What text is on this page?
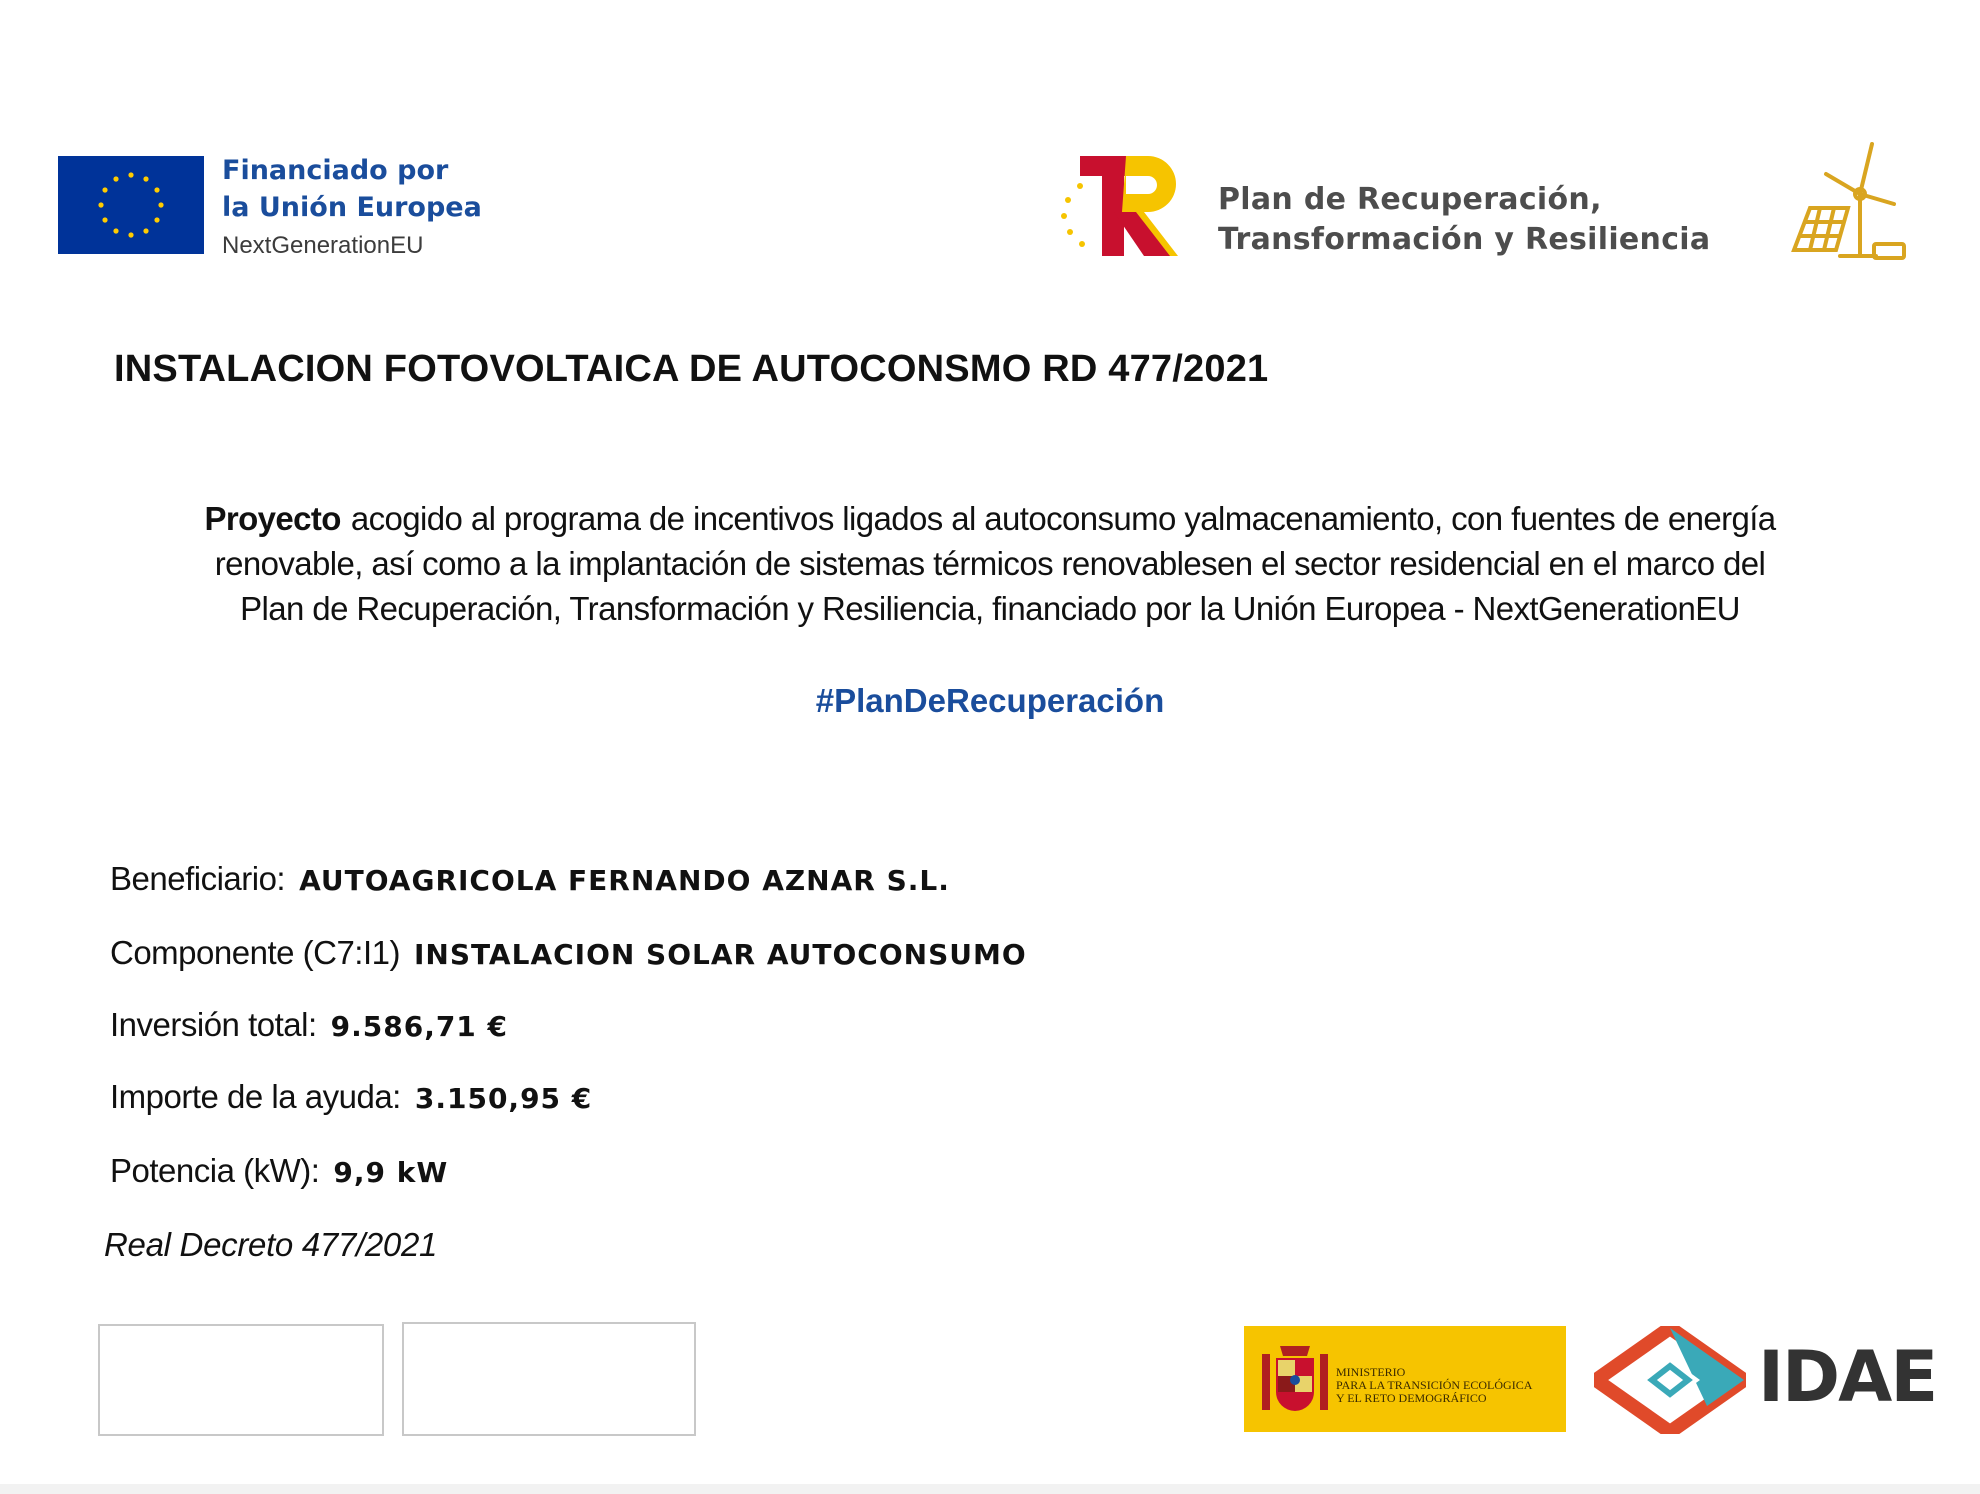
Financiado por
la Unión Europea
NextGenerationEU
Plan de Recuperación,
Transformación y Resiliencia
INSTALACION FOTOVOLTAICA DE AUTOCONSMO RD 477/2021
Proyecto acogido al programa de incentivos ligados al autoconsumo yalmacenamiento, con fuentes de energía
renovable, así como a la implantación de sistemas térmicos renovablesen el sector residencial en el marco del
Plan de Recuperación, Transformación y Resiliencia, financiado por la Unión Europea - NextGenerationEU
#PlanDeRecuperación
Beneficiario: AUTOAGRICOLA FERNANDO AZNAR S.L.
Componente (C7:I1) INSTALACION SOLAR AUTOCONSUMO
Inversión total: 9.586,71 €
Importe de la ayuda: 3.150,95 €
Potencia (kW): 9,9 kW
Real Decreto 477/2021
MINISTERIO
PARA LA TRANSICIÓN ECOLÓGICA
Y EL RETO DEMOGRÁFICO	IDAE
